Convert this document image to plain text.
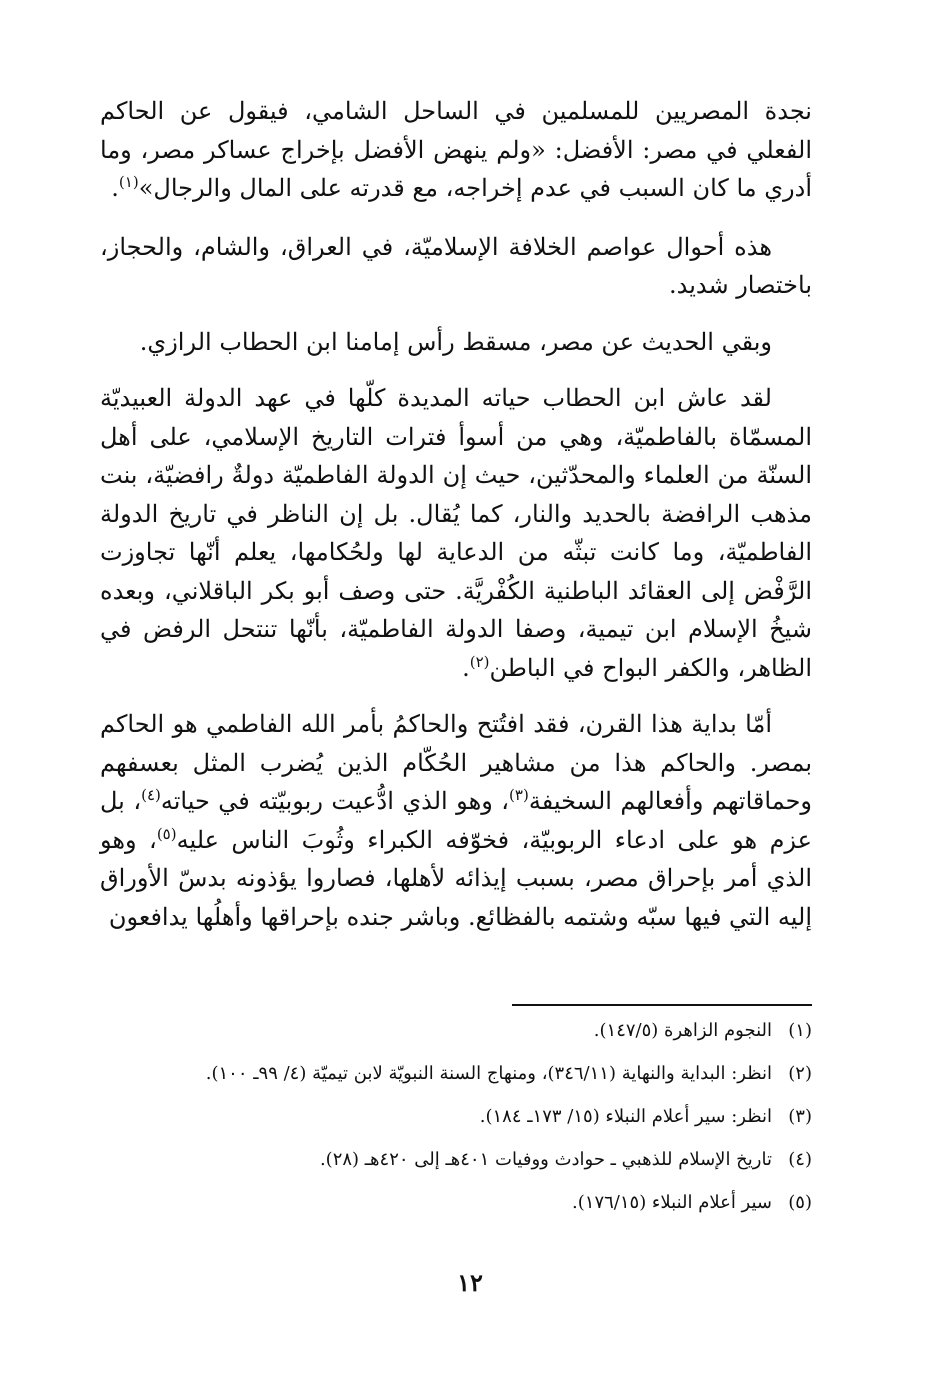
نجدة المصريين للمسلمين في الساحل الشامي، فيقول عن الحاكم الفعلي في مصر: الأفضل: «ولم ينهض الأفضل بإخراج عساكر مصر، وما أدري ما كان السبب في عدم إخراجه، مع قدرته على المال والرجال»$^{(١)}$.

هذه أحوال عواصم الخلافة الإسلاميّة، في العراق، والشام، والحجاز، باختصار شديد.

وبقي الحديث عن مصر، مسقط رأس إمامنا ابن الحطاب الرازي.

لقد عاش ابن الحطاب حياته المديدة كلّها في عهد الدولة العبيديّة المسمّاة بالفاطميّة، وهي من أسوأ فترات التاريخ الإسلامي، على أهل السنّة من العلماء والمحدّثين، حيث إن الدولة الفاطميّة دولةٌ رافضيّة، بنت مذهب الرافضة بالحديد والنار، كما يُقال. بل إن الناظر في تاريخ الدولة الفاطميّة، وما كانت تبثّه من الدعاية لها ولحُكامها، يعلم أنّها تجاوزت الرَّفْض إلى العقائد الباطنية الكُفْريَّة. حتى وصف أبو بكر الباقلاني، وبعده شيخُ الإسلام ابن تيمية، وصفا الدولة الفاطميّة، بأنّها تنتحل الرفض في الظاهر، والكفر البواح في الباطن$^{(٢)}$.

أمّا بداية هذا القرن، فقد افتُتح والحاكمُ بأمر الله الفاطمي هو الحاكم بمصر. والحاكم هذا من مشاهير الحُكّام الذين يُضرب المثل بعسفهم وحماقاتهم وأفعالهم السخيفة$^{(٣)}$، وهو الذي ادُّعيت ربوبيّته في حياته$^{(٤)}$، بل عزم هو على ادعاء الربوبيّة، فخوّفه الكبراء وثُوبَ الناس عليه$^{(٥)}$، وهو الذي أمر بإحراق مصر، بسبب إيذائه لأهلها، فصاروا يؤذونه بدسّ الأوراق إليه التي فيها سبّه وشتمه بالفظائع. وباشر جنده بإحراقها وأهلُها يدافعون

(١)
النجوم الزاهرة (١٤٧/٥).
(٢)
انظر: البداية والنهاية (٣٤٦/١١)، ومنهاج السنة النبويّة لابن تيميّة (٤/ ٩٩ـ ١٠٠).
(٣)
انظر: سير أعلام النبلاء (١٥/ ١٧٣ـ ١٨٤).
(٤)
تاريخ الإسلام للذهبي ـ حوادث ووفيات ٤٠١هـ إلى ٤٢٠هـ (٢٨).
(٥)
سير أعلام النبلاء (١٧٦/١٥).
١٢
